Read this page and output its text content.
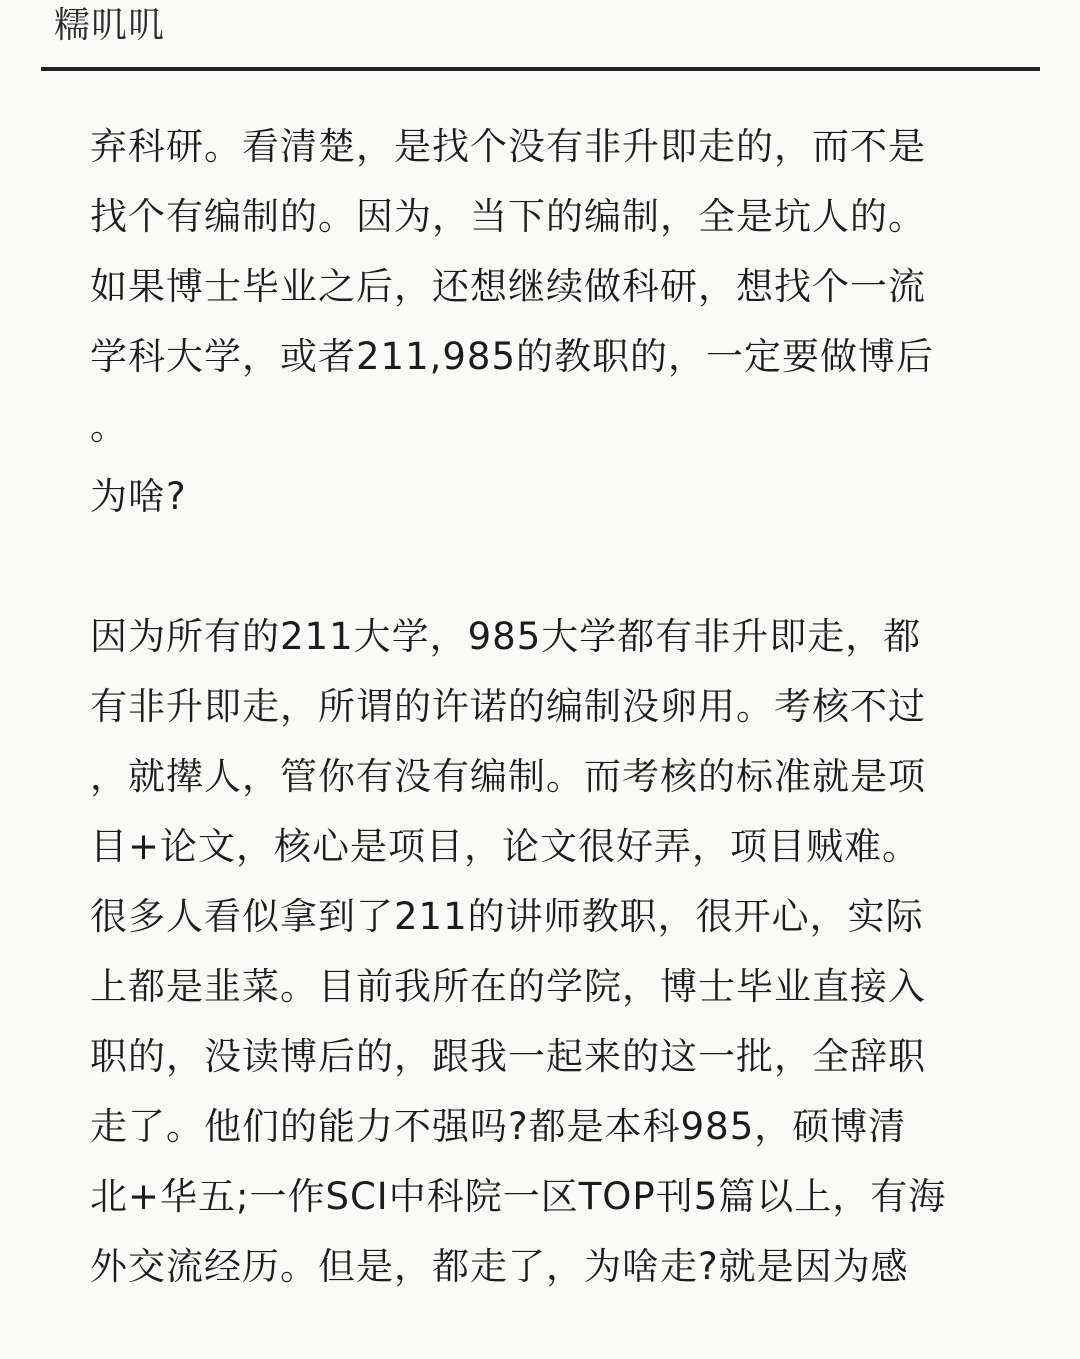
糯叽叽
弃科研。看清楚，是找个没有非升即走的，而不是
找个有编制的。因为，当下的编制，全是坑人的。
如果博士毕业之后，还想继续做科研，想找个一流
学科大学，或者211,985的教职的，一定要做博后
。
为啥?
因为所有的211大学，985大学都有非升即走，都
有非升即走，所谓的许诺的编制没卵用。考核不过
，就撵人，管你有没有编制。而考核的标准就是项
目+论文，核心是项目，论文很好弄，项目贼难。
很多人看似拿到了211的讲师教职，很开心，实际
上都是韭菜。目前我所在的学院，博士毕业直接入
职的，没读博后的，跟我一起来的这一批，全辞职
走了。他们的能力不强吗?都是本科985，硕博清
北+华五;一作SCI中科院一区TOP刊5篇以上，有海
外交流经历。但是，都走了，为啥走?就是因为感
